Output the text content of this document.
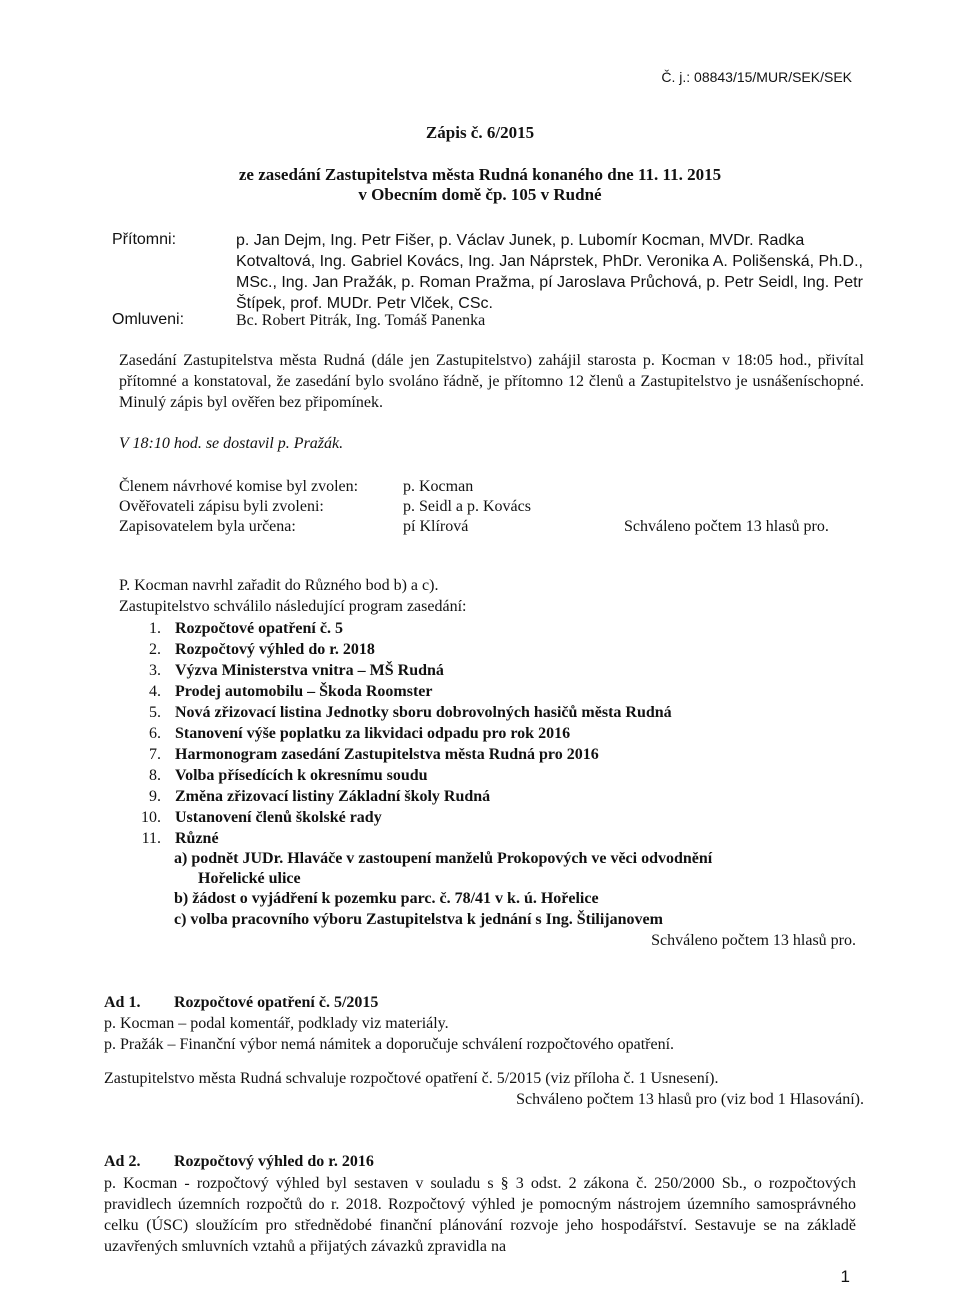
Č. j.: 08843/15/MUR/SEK/SEK
Zápis č. 6/2015
ze zasedání Zastupitelstva města Rudná konaného dne 11. 11. 2015
v Obecním domě čp. 105 v Rudné
Přítomni:	p. Jan Dejm, Ing. Petr Fišer, p. Václav Junek, p. Lubomír Kocman, MVDr. Radka Kotvaltová, Ing. Gabriel Kovács, Ing. Jan Náprstek, PhDr. Veronika A. Polišenská, Ph.D., MSc., Ing. Jan Pražák, p. Roman Pražma, pí Jaroslava Průchová, p. Petr Seidl, Ing. Petr Štípek, prof. MUDr. Petr Vlček, CSc.
Omluveni:	Bc. Robert Pitrák, Ing. Tomáš Panenka
Zasedání Zastupitelstva města Rudná (dále jen Zastupitelstvo) zahájil starosta p. Kocman v 18:05 hod., přivítal přítomné a konstatoval, že zasedání bylo svoláno řádně, je přítomno 12 členů a Zastupitelstvo je usnášeníschopné. Minulý zápis byl ověřen bez připomínek.
V 18:10 hod. se dostavil p. Pražák.
Členem návrhové komise byl zvolen:	p. Kocman
Ověřovateli zápisu byli zvoleni:	p. Seidl a p. Kovács
Zapisovatelem byla určena:	pí Klírová	Schváleno počtem 13 hlasů pro.
P. Kocman navrhl zařadit do Různého bod b) a c).
Zastupitelstvo schválilo následující program zasedání:
1. Rozpočtové opatření č. 5
2. Rozpočtový výhled do r. 2018
3. Výzva Ministerstva vnitra – MŠ Rudná
4. Prodej automobilu – Škoda Roomster
5. Nová zřizovací listina Jednotky sboru dobrovolných hasičů města Rudná
6. Stanovení výše poplatku za likvidaci odpadu pro rok 2016
7. Harmonogram zasedání Zastupitelstva města Rudná pro 2016
8. Volba přísedících k okresnímu soudu
9. Změna zřizovací listiny Základní školy Rudná
10. Ustanovení členů školské rady
11. Různé
a) podnět JUDr. Hlaváče v zastoupení manželů Prokopových ve věci odvodnění
Hořelické ulice
b) žádost o vyjádření k pozemku parc. č. 78/41 v k. ú. Hořelice
c) volba pracovního výboru Zastupitelstva k jednání s Ing. Štilijanovem
Schváleno počtem 13 hlasů pro.
Ad 1. Rozpočtové opatření č. 5/2015
p. Kocman – podal komentář, podklady viz materiály.
p. Pražák – Finanční výbor nemá námitek a doporučuje schválení rozpočtového opatření.
Zastupitelstvo města Rudná schvaluje rozpočtové opatření č. 5/2015 (viz příloha č. 1 Usnesení).
Schváleno počtem 13 hlasů pro (viz bod 1 Hlasování).
Ad 2. Rozpočtový výhled do r. 2016
p. Kocman - rozpočtový výhled byl sestaven v souladu s § 3 odst. 2 zákona č. 250/2000 Sb., o rozpočtových pravidlech územních rozpočtů do r. 2018. Rozpočtový výhled je pomocným nástrojem územního samosprávného celku (ÚSC) sloužícím pro střednědobé finanční plánování rozvoje jeho hospodářství. Sestavuje se na základě uzavřených smluvních vztahů a přijatých závazků zpravidla na
1
